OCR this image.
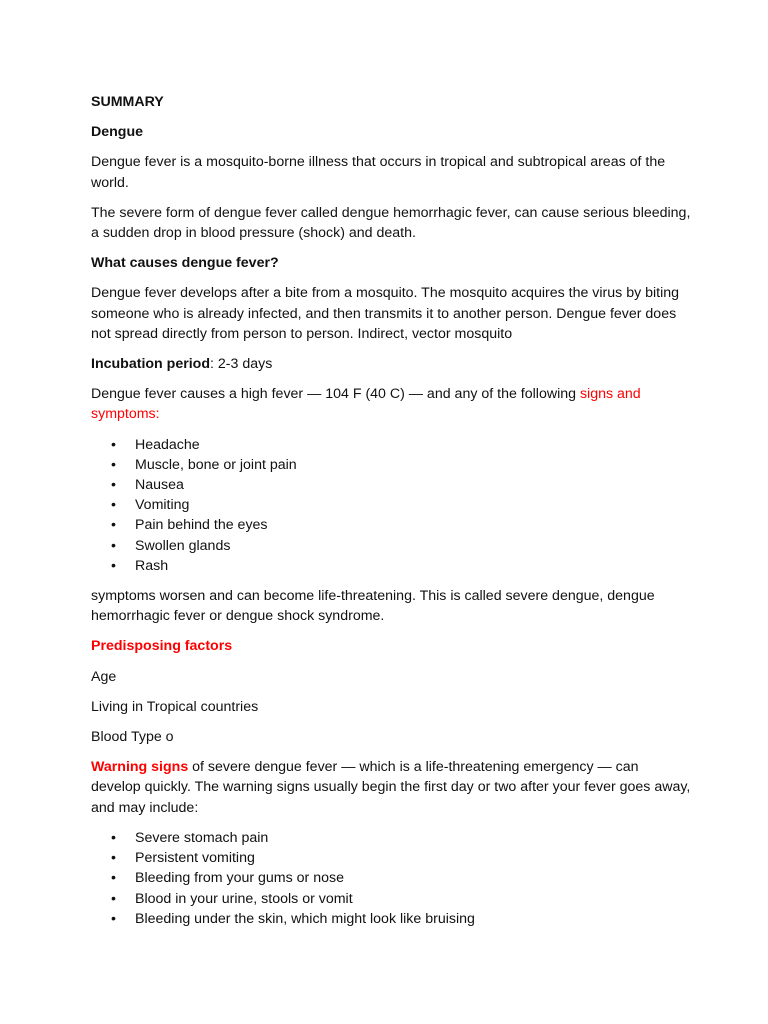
SUMMARY

Dengue

Dengue fever is a mosquito-borne illness that occurs in tropical and subtropical areas of the world.

The severe form of dengue fever called dengue hemorrhagic fever, can cause serious bleeding, a sudden drop in blood pressure (shock) and death.

What causes dengue fever?

Dengue fever develops after a bite from a mosquito. The mosquito acquires the virus by biting someone who is already infected, and then transmits it to another person. Dengue fever does not spread directly from person to person. Indirect, vector mosquito

Incubation period: 2-3 days

Dengue fever causes a high fever — 104 F (40 C) — and any of the following signs and symptoms:

• Headache
• Muscle, bone or joint pain
• Nausea
• Vomiting
• Pain behind the eyes
• Swollen glands
• Rash

symptoms worsen and can become life-threatening. This is called severe dengue, dengue hemorrhagic fever or dengue shock syndrome.

Predisposing factors

Age

Living in Tropical countries

Blood Type o

Warning signs of severe dengue fever — which is a life-threatening emergency — can develop quickly. The warning signs usually begin the first day or two after your fever goes away, and may include:

• Severe stomach pain
• Persistent vomiting
• Bleeding from your gums or nose
• Blood in your urine, stools or vomit
• Bleeding under the skin, which might look like bruising
